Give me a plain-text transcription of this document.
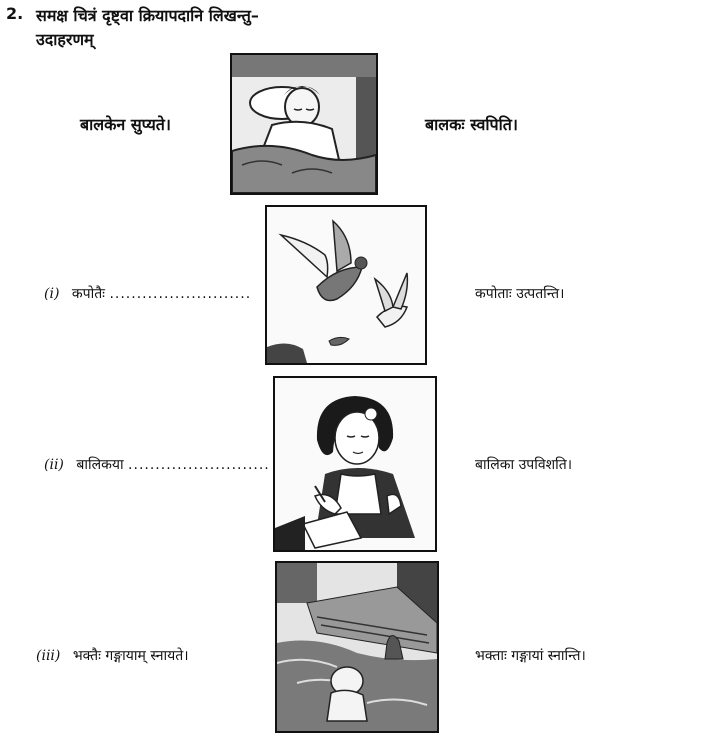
2. समक्ष चित्रं दृष्ट्वा क्रियापदानि लिखन्तु–
उदाहरणम्
बालकेन सुप्यते।	बालकः स्वपिति।
(i) कपोतैः ..........................	कपोताः उत्पतन्ति।
(ii) बालिकया ..........................	बालिका उपविशति।
(iii) भक्तैः गङ्गायाम् स्नायते।	भक्ताः गङ्गायां स्नान्ति।
